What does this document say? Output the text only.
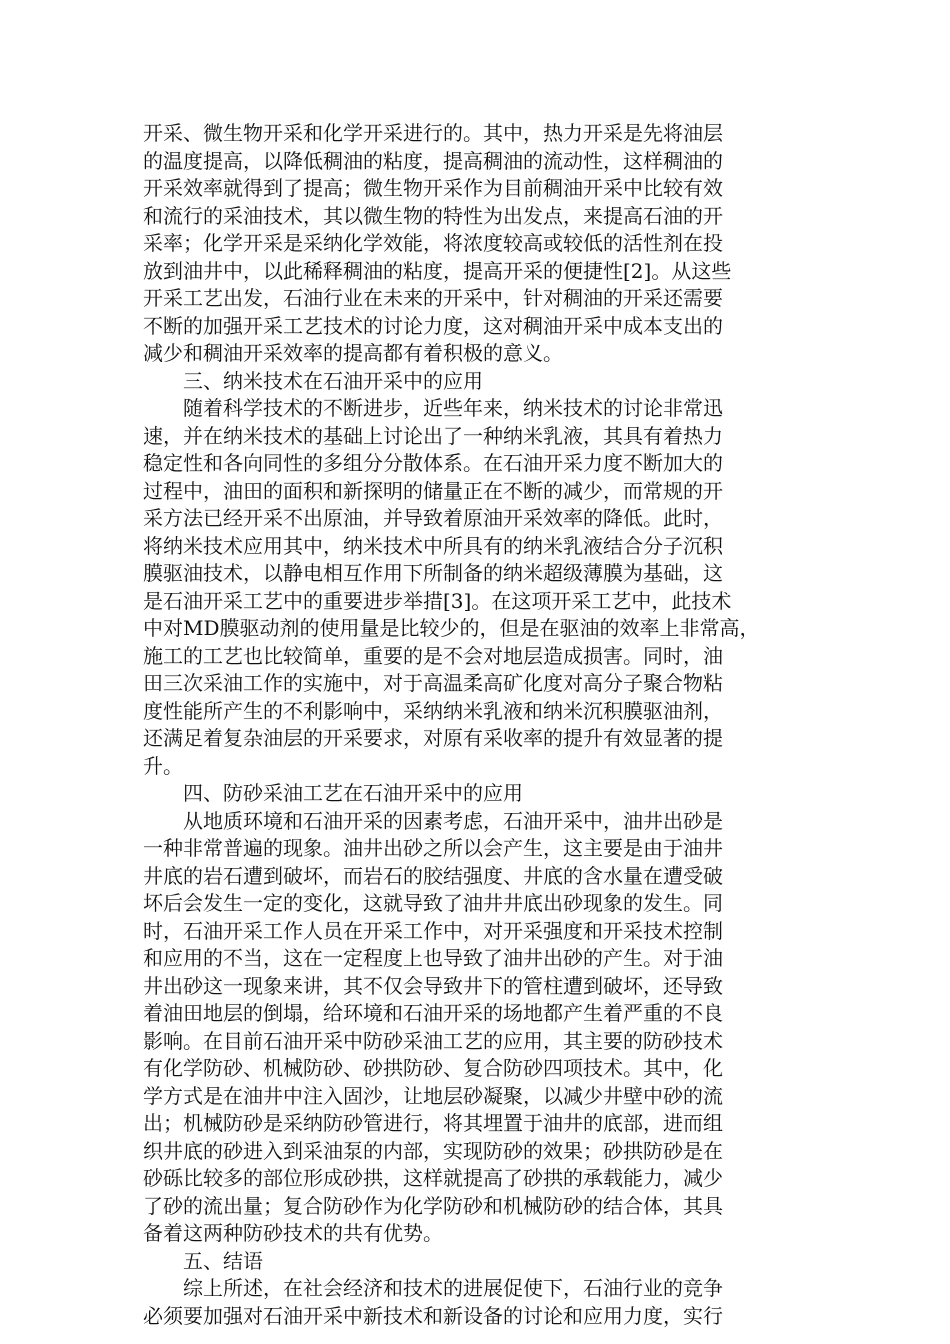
开采、微生物开采和化学开采进行的。其中，热力开采是先将油层

的温度提高，以降低稠油的粘度，提高稠油的流动性，这样稠油的

开采效率就得到了提高；微生物开采作为目前稠油开采中比较有效

和流行的采油技术，其以微生物的特性为出发点，来提高石油的开

采率；化学开采是采纳化学效能，将浓度较高或较低的活性剂在投

放到油井中，以此稀释稠油的粘度，提高开采的便捷性[2]。从这些

开采工艺出发，石油行业在未来的开采中，针对稠油的开采还需要

不断的加强开采工艺技术的讨论力度，这对稠油开采中成本支出的

减少和稠油开采效率的提高都有着积极的意义。

三、纳米技术在石油开采中的应用

随着科学技术的不断进步，近些年来，纳米技术的讨论非常迅

速，并在纳米技术的基础上讨论出了一种纳米乳液，其具有着热力

稳定性和各向同性的多组分分散体系。在石油开采力度不断加大的

过程中，油田的面积和新探明的储量正在不断的减少，而常规的开

采方法已经开采不出原油，并导致着原油开采效率的降低。此时，

将纳米技术应用其中，纳米技术中所具有的纳米乳液结合分子沉积

膜驱油技术，以静电相互作用下所制备的纳米超级薄膜为基础，这

是石油开采工艺中的重要进步举措[3]。在这项开采工艺中，此技术

中对MD膜驱动剂的使用量是比较少的，但是在驱油的效率上非常高，

施工的工艺也比较简单，重要的是不会对地层造成损害。同时，油

田三次采油工作的实施中，对于高温柔高矿化度对高分子聚合物粘

度性能所产生的不利影响中，采纳纳米乳液和纳米沉积膜驱油剂，

还满足着复杂油层的开采要求，对原有采收率的提升有效显著的提

升。

四、防砂采油工艺在石油开采中的应用

从地质环境和石油开采的因素考虑，石油开采中，油井出砂是

一种非常普遍的现象。油井出砂之所以会产生，这主要是由于油井

井底的岩石遭到破坏，而岩石的胶结强度、井底的含水量在遭受破

坏后会发生一定的变化，这就导致了油井井底出砂现象的发生。同

时，石油开采工作人员在开采工作中，对开采强度和开采技术控制

和应用的不当，这在一定程度上也导致了油井出砂的产生。对于油

井出砂这一现象来讲，其不仅会导致井下的管柱遭到破坏，还导致

着油田地层的倒塌，给环境和石油开采的场地都产生着严重的不良

影响。在目前石油开采中防砂采油工艺的应用，其主要的防砂技术

有化学防砂、机械防砂、砂拱防砂、复合防砂四项技术。其中，化

学方式是在油井中注入固沙，让地层砂凝聚，以减少井壁中砂的流

出；机械防砂是采纳防砂管进行，将其埋置于油井的底部，进而组

织井底的砂进入到采油泵的内部，实现防砂的效果；砂拱防砂是在

砂砾比较多的部位形成砂拱，这样就提高了砂拱的承载能力，减少

了砂的流出量；复合防砂作为化学防砂和机械防砂的结合体，其具

备着这两种防砂技术的共有优势。

五、结语

综上所述，在社会经济和技术的进展促使下，石油行业的竞争

必须要加强对石油开采中新技术和新设备的讨论和应用力度，实行
